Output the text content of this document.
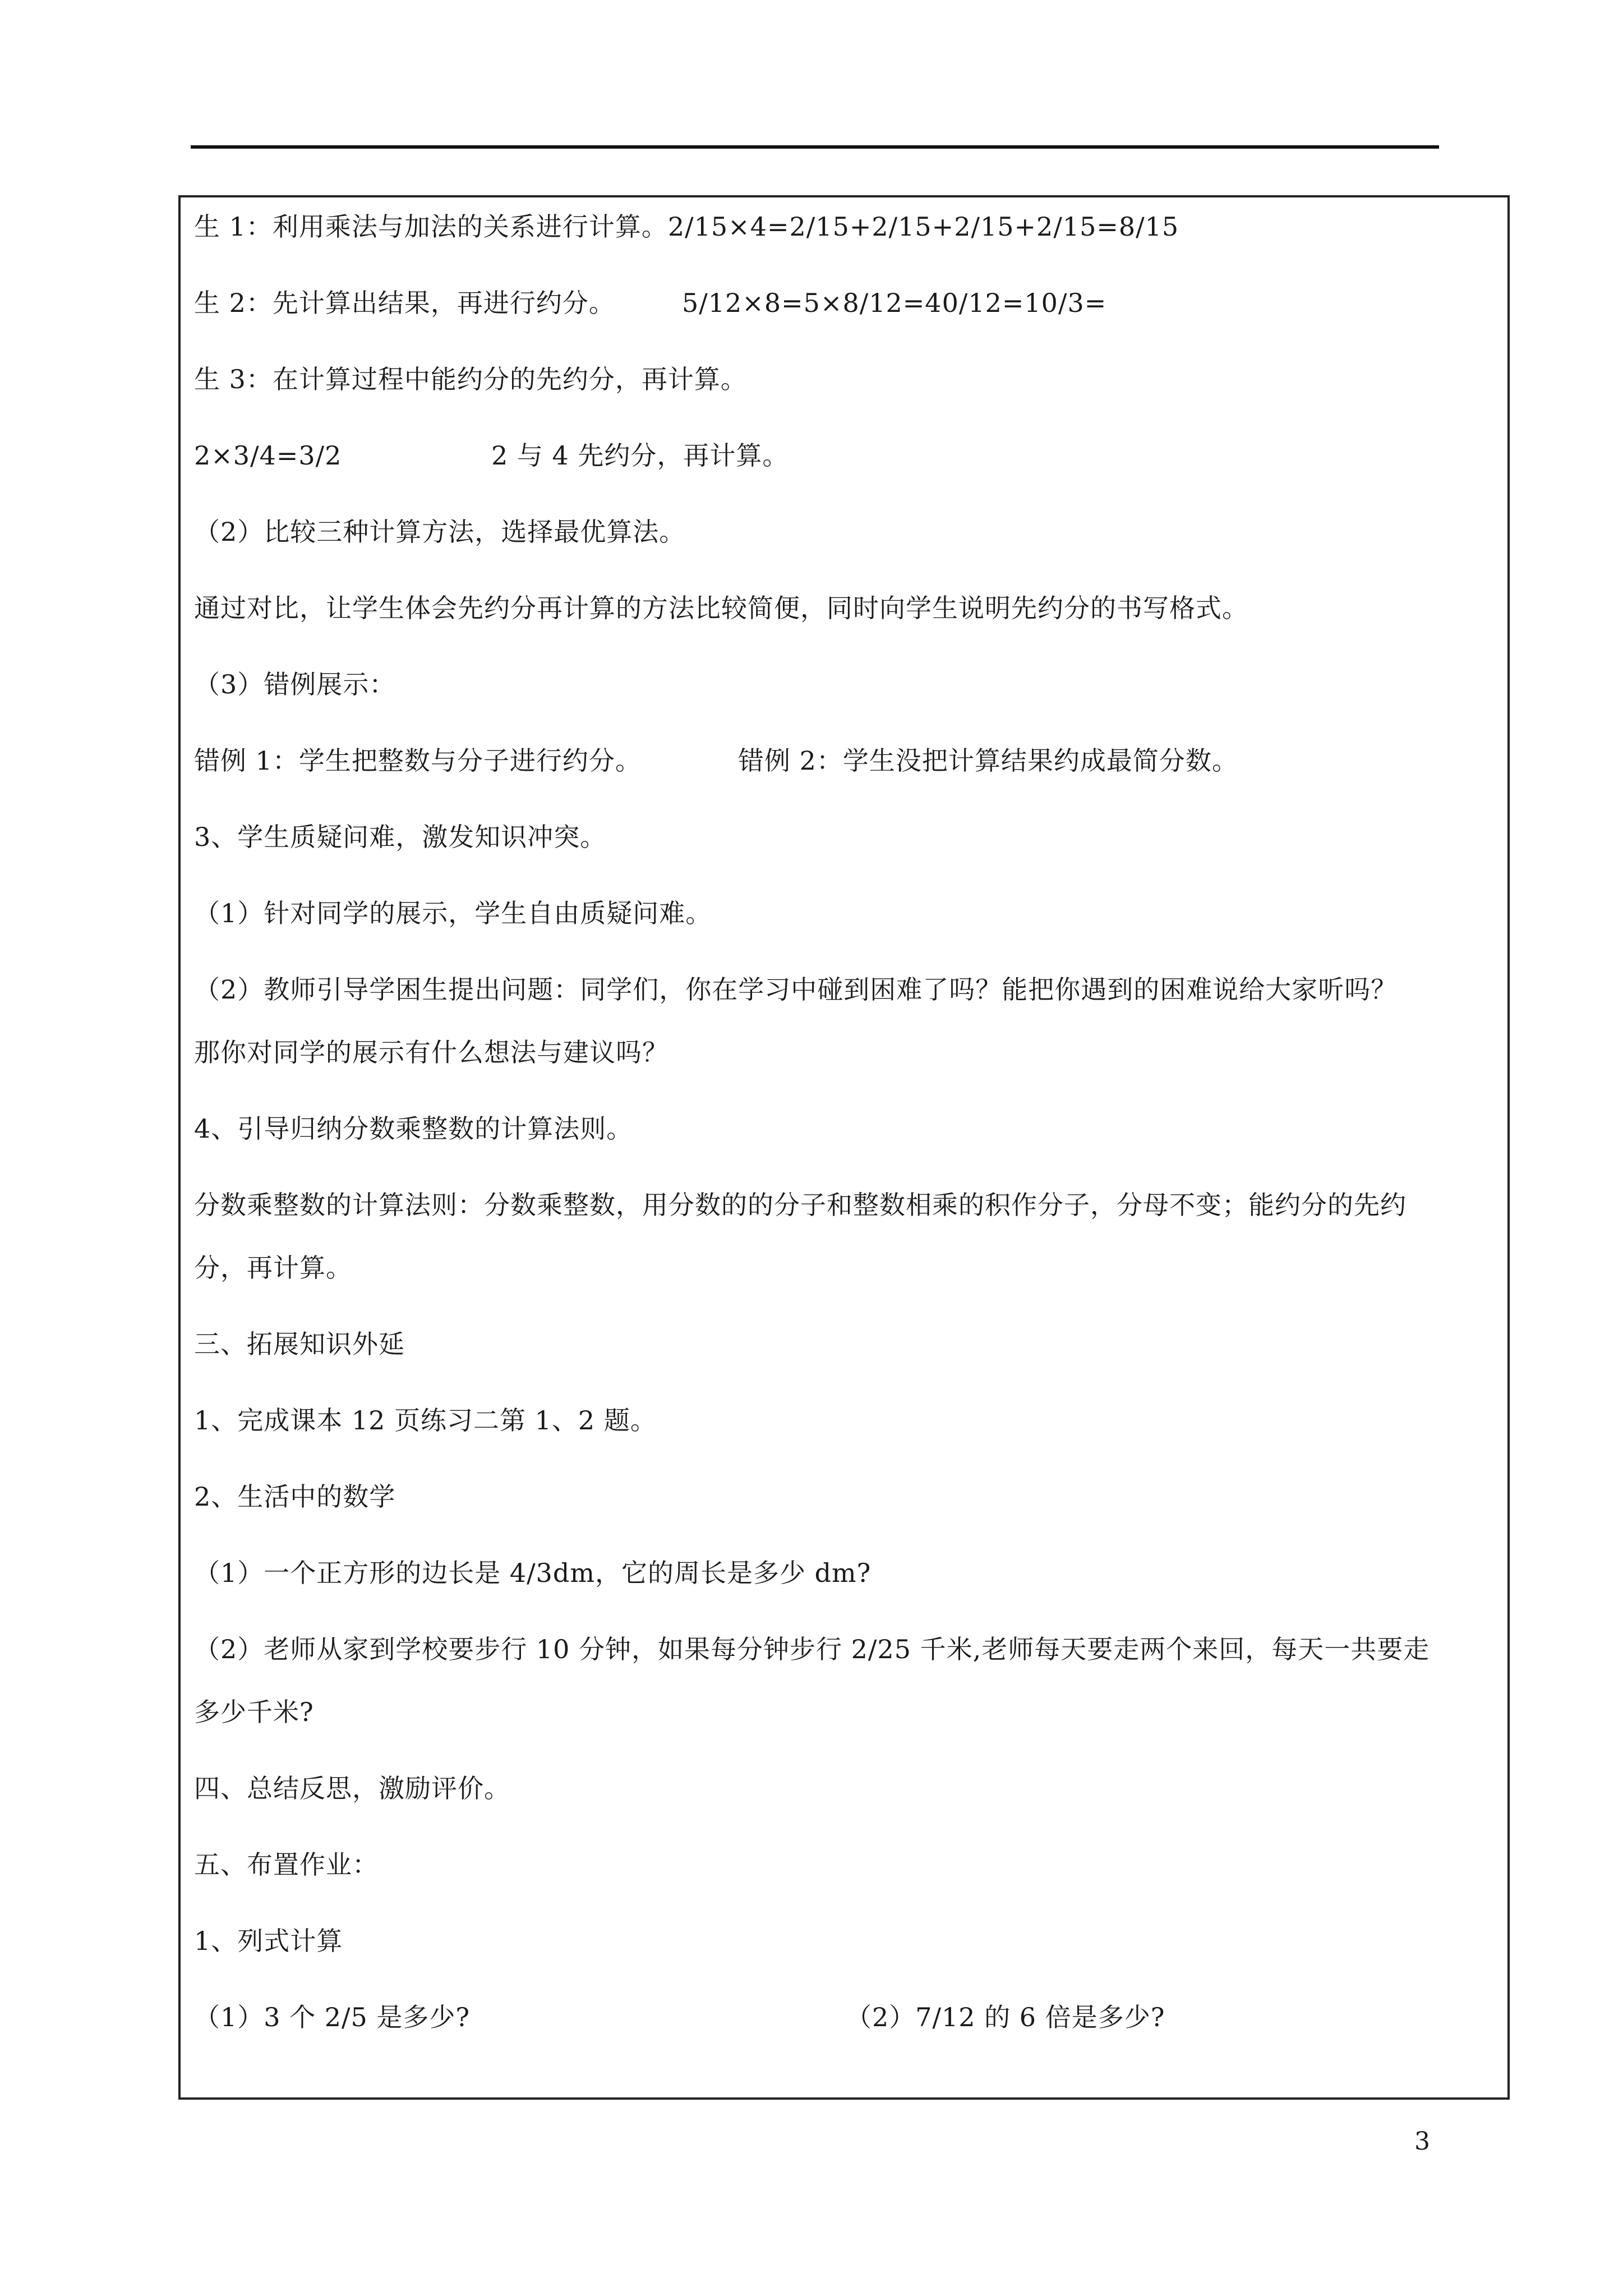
生 1：利用乘法与加法的关系进行计算。2/15×4=2/15+2/15+2/15+2/15=8/15
生 2：先计算出结果，再进行约分。	5/12×8=5×8/12=40/12=10/3=
生 3：在计算过程中能约分的先约分，再计算。
2×3/4=3/2	2 与 4 先约分，再计算。
（2）比较三种计算方法，选择最优算法。
通过对比，让学生体会先约分再计算的方法比较简便，同时向学生说明先约分的书写格式。
（3）错例展示：
错例 1：学生把整数与分子进行约分。	错例 2：学生没把计算结果约成最简分数。
3、学生质疑问难，激发知识冲突。
（1）针对同学的展示，学生自由质疑问难。
（2）教师引导学困生提出问题：同学们，你在学习中碰到困难了吗？能把你遇到的困难说给大家听吗？
那你对同学的展示有什么想法与建议吗？
4、引导归纳分数乘整数的计算法则。
分数乘整数的计算法则：分数乘整数，用分数的的分子和整数相乘的积作分子，分母不变；能约分的先约
分，再计算。
三、拓展知识外延
1、完成课本 12 页练习二第 1、2 题。
2、生活中的数学
（1）一个正方形的边长是 4/3dm，它的周长是多少 dm?
（2）老师从家到学校要步行 10 分钟，如果每分钟步行 2/25 千米,老师每天要走两个来回，每天一共要走
多少千米?
四、总结反思，激励评价。
五、布置作业：
1、列式计算
（1）3 个 2/5 是多少?	（2）7/12 的 6 倍是多少?
3
